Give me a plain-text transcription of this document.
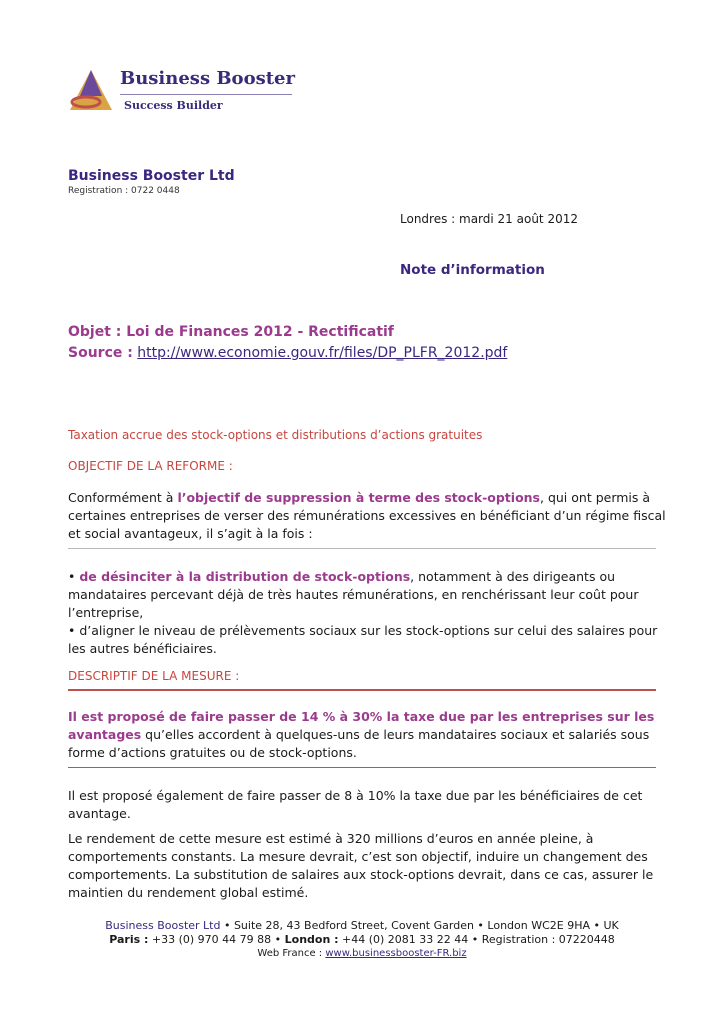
Business Booster
Success Builder
Business Booster Ltd
Registration : 0722 0448
Londres : mardi 21 août 2012
Note d’information
Objet : Loi de Finances 2012 - Rectificatif
Source : http://www.economie.gouv.fr/files/DP_PLFR_2012.pdf
Taxation accrue des stock-options et distributions d’actions gratuites
OBJECTIF DE LA REFORME :
Conformément à l’objectif de suppression à terme des stock-options, qui ont permis à certaines entreprises de verser des rémunérations excessives en bénéficiant d’un régime fiscal et social avantageux, il s’agit à la fois :
• de désinciter à la distribution de stock-options, notamment à des dirigeants ou mandataires percevant déjà de très hautes rémunérations, en renchérissant leur coût pour l’entreprise,
• d’aligner le niveau de prélèvements sociaux sur les stock-options sur celui des salaires pour les autres bénéficiaires.
DESCRIPTIF DE LA MESURE :
Il est proposé de faire passer de 14 % à 30% la taxe due par les entreprises sur les avantages qu’elles accordent à quelques-uns de leurs mandataires sociaux et salariés sous forme d’actions gratuites ou de stock-options.
Il est proposé également de faire passer de 8 à 10% la taxe due par les bénéficiaires de cet avantage.
Le rendement de cette mesure est estimé à 320 millions d’euros en année pleine, à comportements constants. La mesure devrait, c’est son objectif, induire un changement des comportements. La substitution de salaires aux stock-options devrait, dans ce cas, assurer le maintien du rendement global estimé.
Business Booster Ltd • Suite 28, 43 Bedford Street, Covent Garden • London WC2E 9HA • UK
Paris : +33 (0) 970 44 79 88 • London : +44 (0) 2081 33 22 44 • Registration : 07220448
Web France : www.businessbooster-FR.biz
